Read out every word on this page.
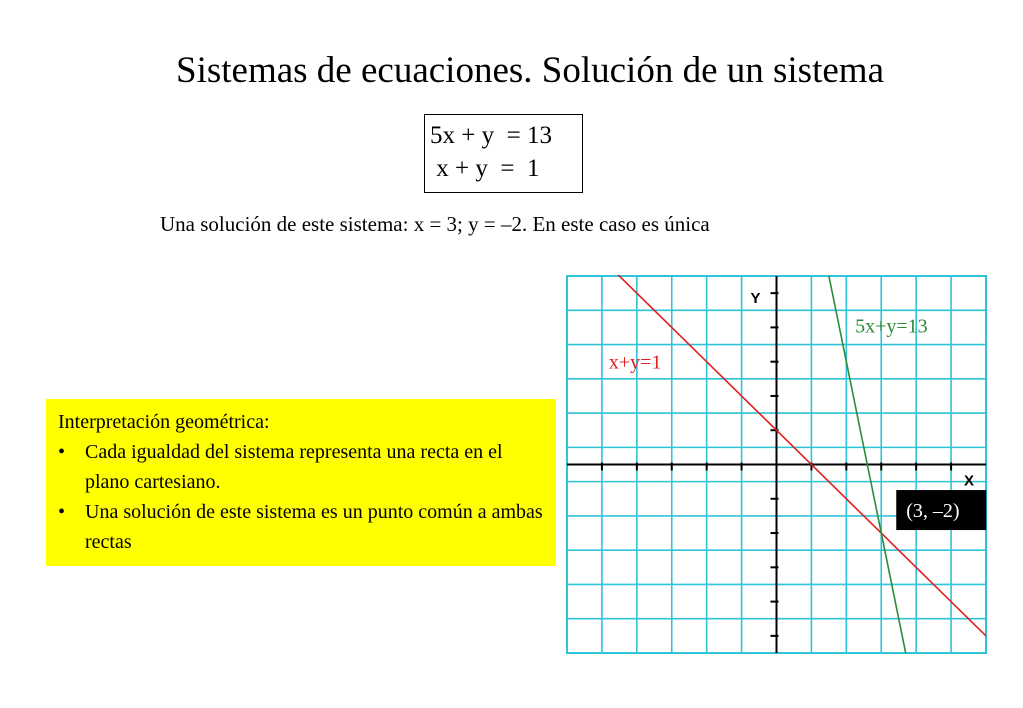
Sistemas de ecuaciones. Solución de un sistema
5x + y  = 13
x + y  =  1
Una solución de este sistema: x = 3; y = –2. En este caso es única
Interpretación geométrica:
• Cada igualdad del sistema representa una recta en el plano cartesiano.
• Una solución de este sistema es un punto común a ambas rectas
X
Y
x+y=1
5x+y=13
(3, –2)
